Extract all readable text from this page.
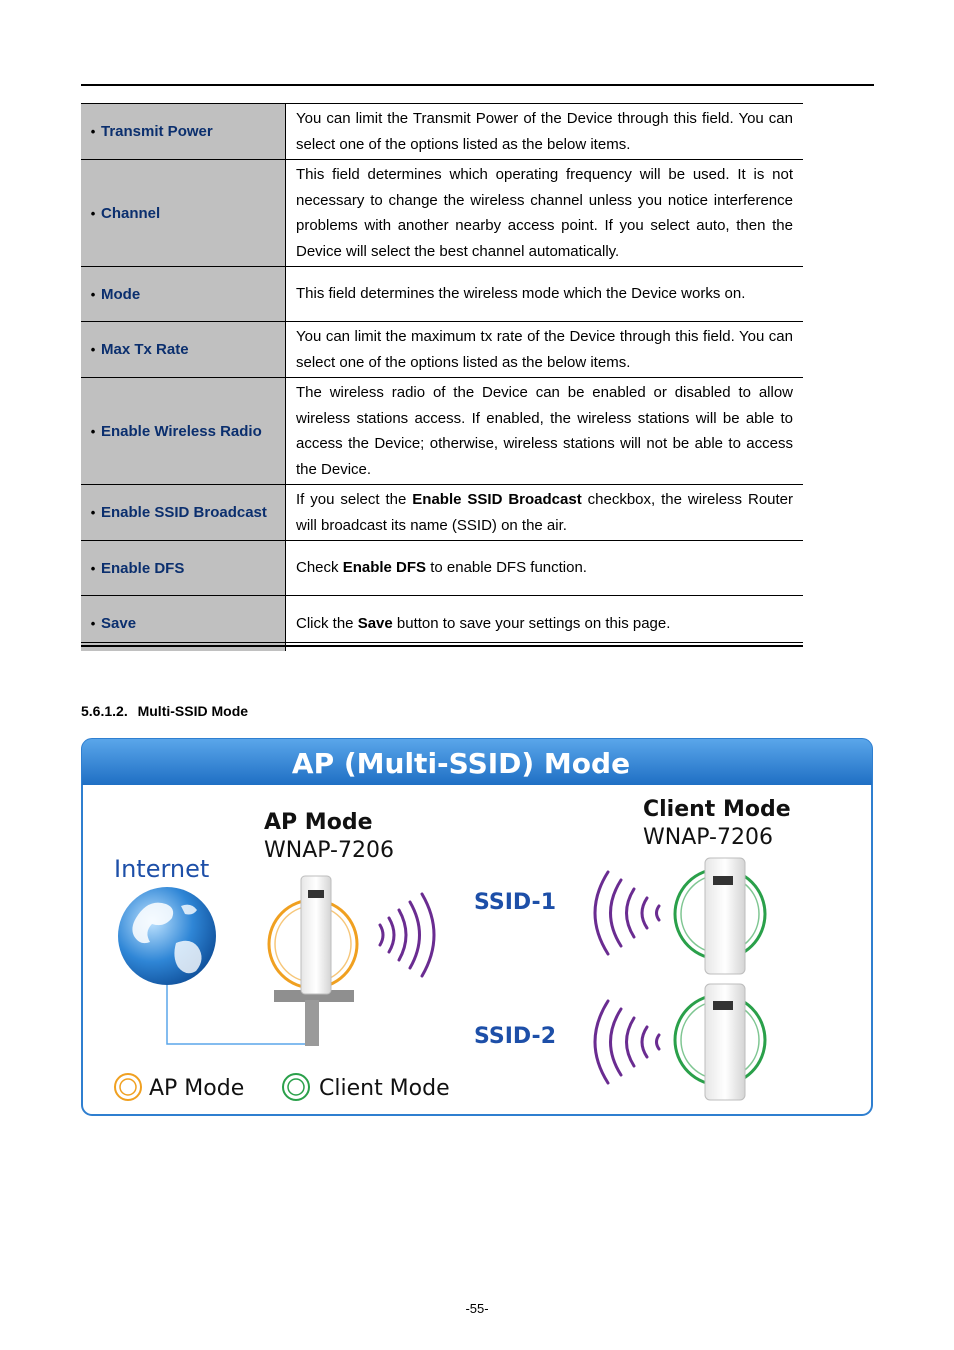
• Transmit Power	You can limit the Transmit Power of the Device through this field. You can select one of the options listed as the below items.
• Channel	This field determines which operating frequency will be used. It is not necessary to change the wireless channel unless you notice interference problems with another nearby access point. If you select auto, then the Device will select the best channel automatically.
• Mode	This field determines the wireless mode which the Device works on.
• Max Tx Rate	You can limit the maximum tx rate of the Device through this field. You can select one of the options listed as the below items.
• Enable Wireless Radio	The wireless radio of the Device can be enabled or disabled to allow wireless stations access. If enabled, the wireless stations will be able to access the Device; otherwise, wireless stations will not be able to access the Device.
• Enable SSID Broadcast	If you select the Enable SSID Broadcast checkbox, the wireless Router will broadcast its name (SSID) on the air.
• Enable DFS	Check Enable DFS to enable DFS function.
• Save	Click the Save button to save your settings on this page.
5.6.1.2. Multi-SSID Mode
AP (Multi-SSID) Mode
AP Mode
WNAP-7206
Client Mode
WNAP-7206
Internet
SSID-1
SSID-2
AP Mode	Client Mode
-55-
